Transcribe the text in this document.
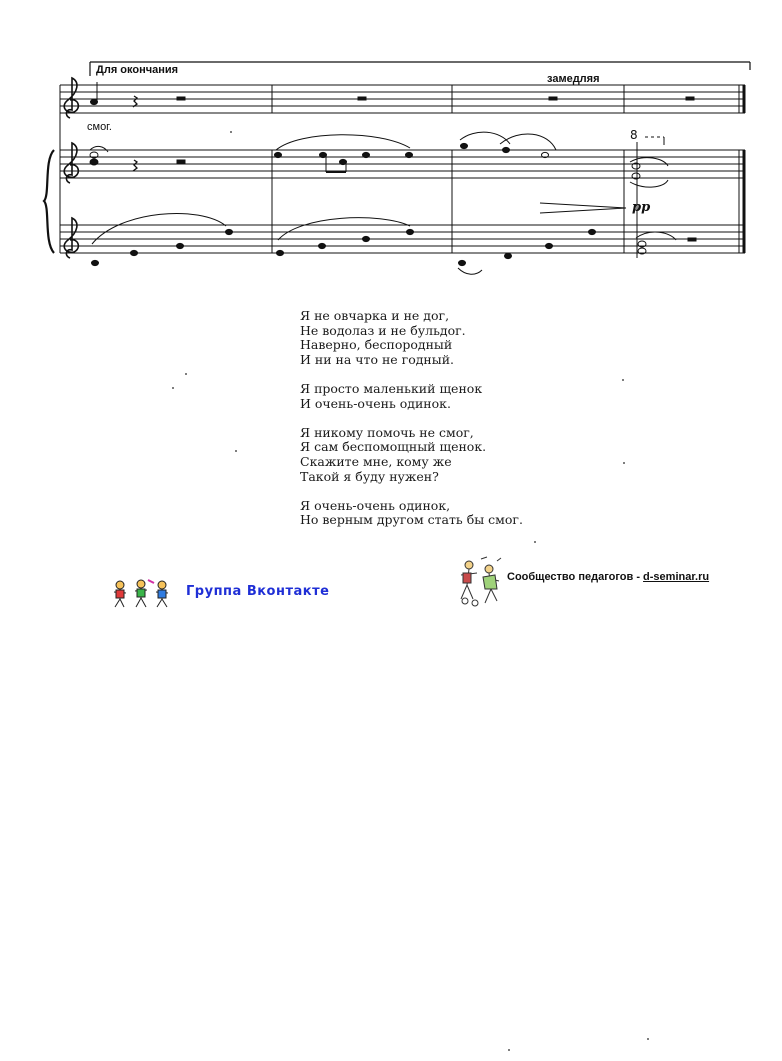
Для окончания
замедляя
смог.
pp
8
Я не овчарка и не дог,
Не водолаз и не бульдог.
Наверно, беспородный
И ни на что не годный.
Я просто маленький щенок
И очень-очень одинок.
Я никому помочь не смог,
Я сам беспомощный щенок.
Скажите мне, кому же
Такой я буду нужен?
Я очень-очень одинок,
Но верным другом стать бы смог.
Группа Вконтакте
Сообщество педагогов - d-seminar.ru
